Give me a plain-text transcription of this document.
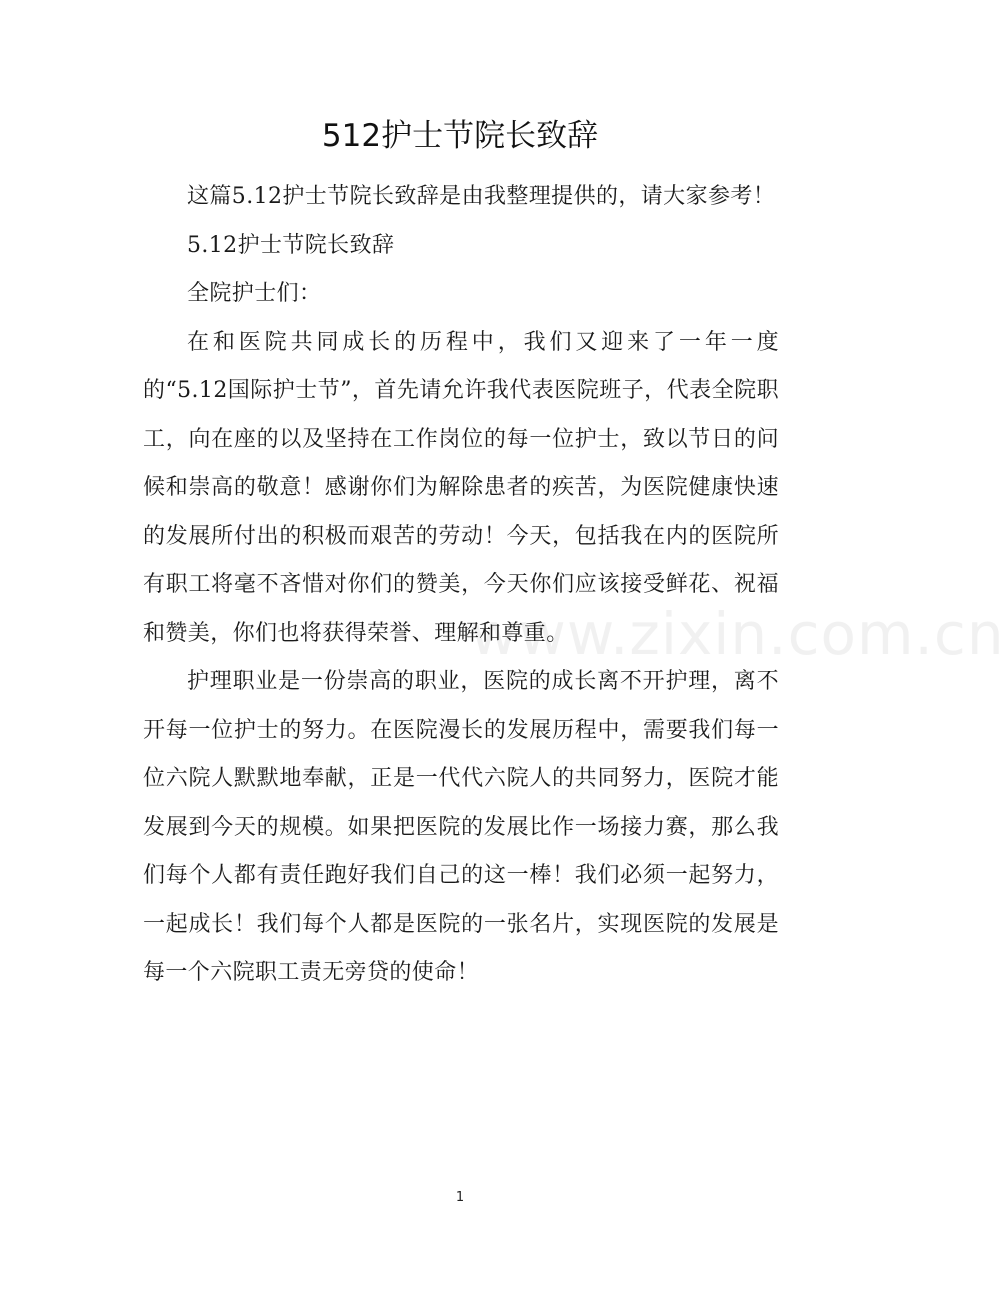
www.zixin.com.cn
512护士节院长致辞

这篇5.12护士节院长致辞是由我整理提供的，请大家参考！

5.12护士节院长致辞

全院护士们：

在和医院共同成长的历程中，我们又迎来了一年一度的“5.12国际护士节”，首先请允许我代表医院班子，代表全院职工，向在座的以及坚持在工作岗位的每一位护士，致以节日的问候和崇高的敬意！感谢你们为解除患者的疾苦，为医院健康快速的发展所付出的积极而艰苦的劳动！今天，包括我在内的医院所有职工将毫不吝惜对你们的赞美，今天你们应该接受鲜花、祝福和赞美，你们也将获得荣誉、理解和尊重。

护理职业是一份崇高的职业，医院的成长离不开护理，离不开每一位护士的努力。在医院漫长的发展历程中，需要我们每一位六院人默默地奉献，正是一代代六院人的共同努力，医院才能发展到今天的规模。如果把医院的发展比作一场接力赛，那么我们每个人都有责任跑好我们自己的这一棒！我们必须一起努力，一起成长！我们每个人都是医院的一张名片，实现医院的发展是每一个六院职工责无旁贷的使命！

1
